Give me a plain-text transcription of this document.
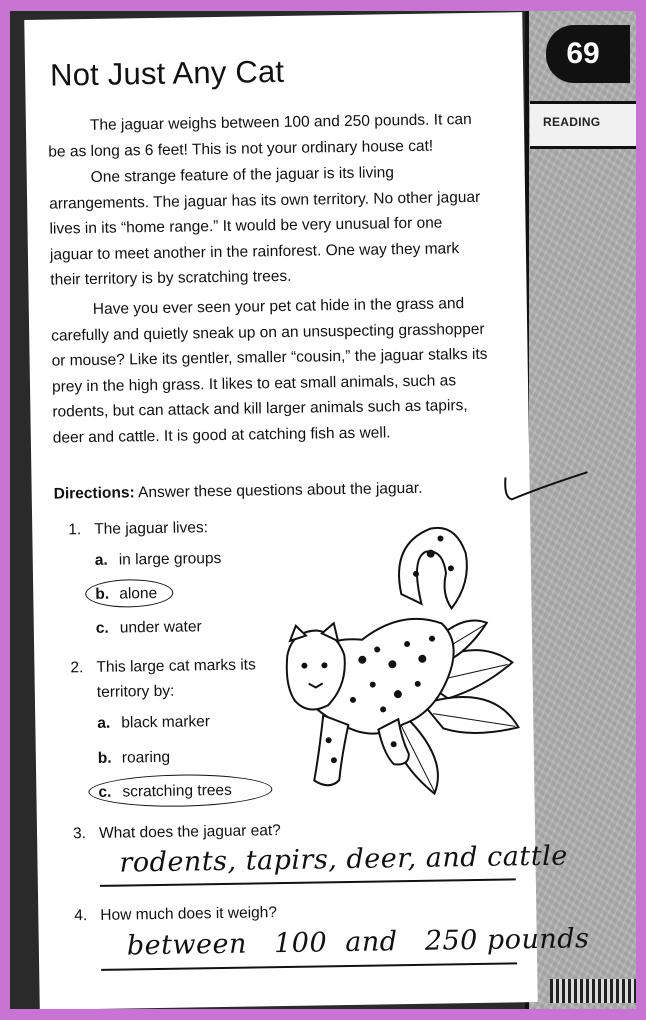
69
READING
Not Just Any Cat

The jaguar weighs between 100 and 250 pounds. It can be as long as 6 feet! This is not your ordinary house cat!

One strange feature of the jaguar is its living arrangements. The jaguar has its own territory. No other jaguar lives in its “home range.” It would be very unusual for one jaguar to meet another in the rainforest. One way they mark their territory is by scratching trees.

Have you ever seen your pet cat hide in the grass and carefully and quietly sneak up on an unsuspecting grasshopper or mouse? Like its gentler, smaller “cousin,” the jaguar stalks its prey in the high grass. It likes to eat small animals, such as rodents, but can attack and kill larger animals such as tapirs, deer and cattle. It is good at catching fish as well.

Directions: Answer these questions about the jaguar.
1. The jaguar lives:
a. in large groups
b. alone
c. under water
2. This large cat marks its
territory by:
a. black marker
b. roaring
c. scratching trees
3. What does the jaguar eat?
rodents, tapirs, deer, and cattle
4. How much does it weigh?
between   100  and   250 pounds
